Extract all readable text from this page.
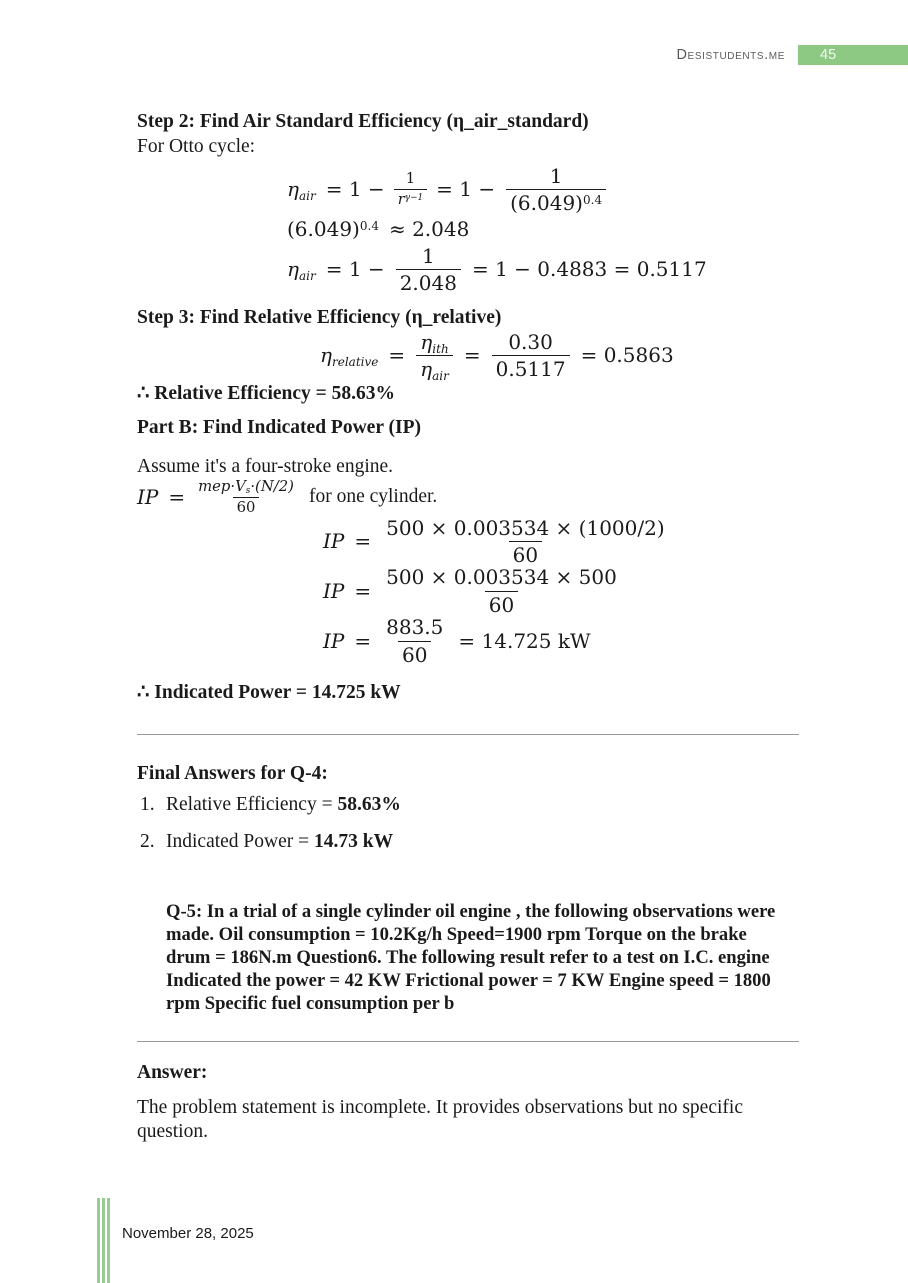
Desistudents.me	45

Step 2: Find Air Standard Efficiency (η_air_standard)

For Otto cycle:

$\eta air = 1 - \frac{1}{r^{\gamma-1}} = 1 - \frac{1}{(6.049)^{0.4}}$
$(6.049)^{0.4} \approx 2.048$
$\eta air = 1 - \frac{1}{2.048} = 1 - 0.4883 = 0.5117$

Step 3: Find Relative Efficiency (η_relative)

ηrelative = $\frac{\text{ηith}}{\text{ηair}} = \frac{0.30}{0.5117} = 0.5863$

∴ Relative Efficiency = 58.63%

Part B: Find Indicated Power (IP)

Assume it's a four-stroke engine.

IP = $\frac{\text{mep·Vs·(N/2)}}{60}$ for one cylinder.
IP = $\frac{500 \times 0.003534 \times (1000/2)}{60}$
IP = $\frac{500 \times 0.003534 \times 500}{60}$
IP = $\frac{883.5}{60} = 14.725$ kW

∴ Indicated Power = 14.725 kW

Final Answers for Q-4:

1. Relative Efficiency = 58.63%
2. Indicated Power = 14.73 kW
Q-5: In a trial of a single cylinder oil engine , the following observations were made. Oil consumption = 10.2Kg/h Speed=1900 rpm Torque on the brake drum = 186N.m Question6. The following result refer to a test on I.C. engine Indicated the power = 42 KW Frictional power = 7 KW Engine speed = 1800 rpm Specific fuel consumption per b

Answer:

The problem statement is incomplete. It provides observations but no specific question.

November 28, 2025
